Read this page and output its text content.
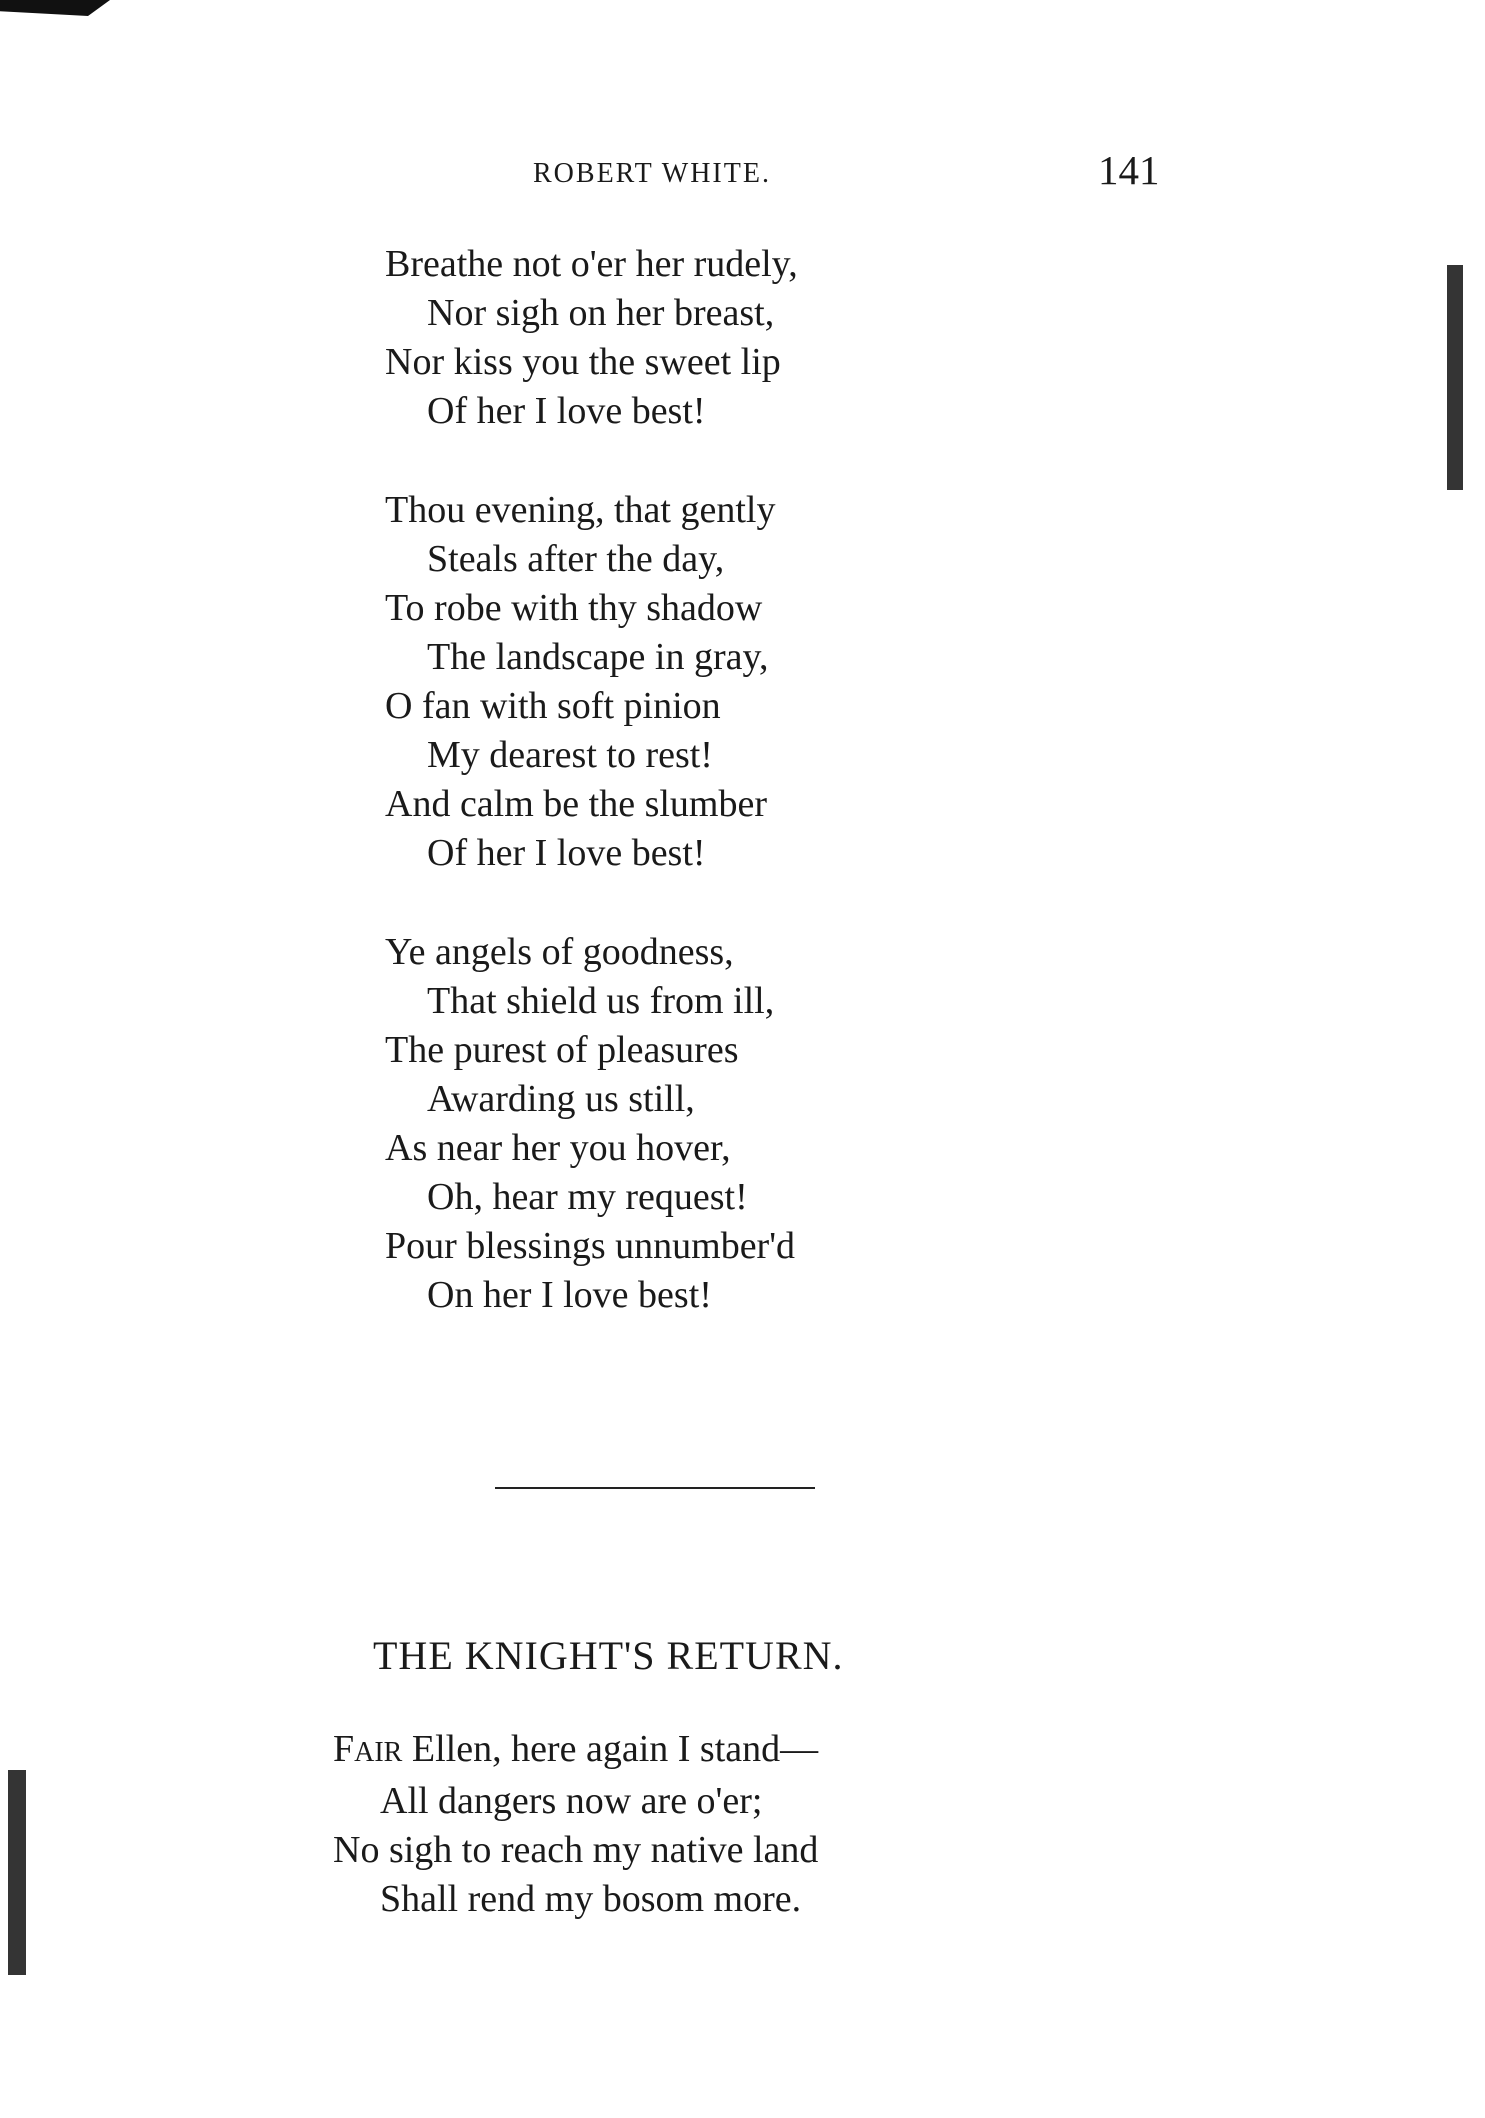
ROBERT WHITE.	141
Breathe not o'er her rudely,
Nor sigh on her breast,
Nor kiss you the sweet lip
Of her I love best!
Thou evening, that gently
Steals after the day,
To robe with thy shadow
The landscape in gray,
O fan with soft pinion
My dearest to rest!
And calm be the slumber
Of her I love best!
Ye angels of goodness,
That shield us from ill,
The purest of pleasures
Awarding us still,
As near her you hover,
Oh, hear my request!
Pour blessings unnumber'd
On her I love best!
THE KNIGHT'S RETURN.
FAIR Ellen, here again I stand—
All dangers now are o'er;
No sigh to reach my native land
Shall rend my bosom more.
